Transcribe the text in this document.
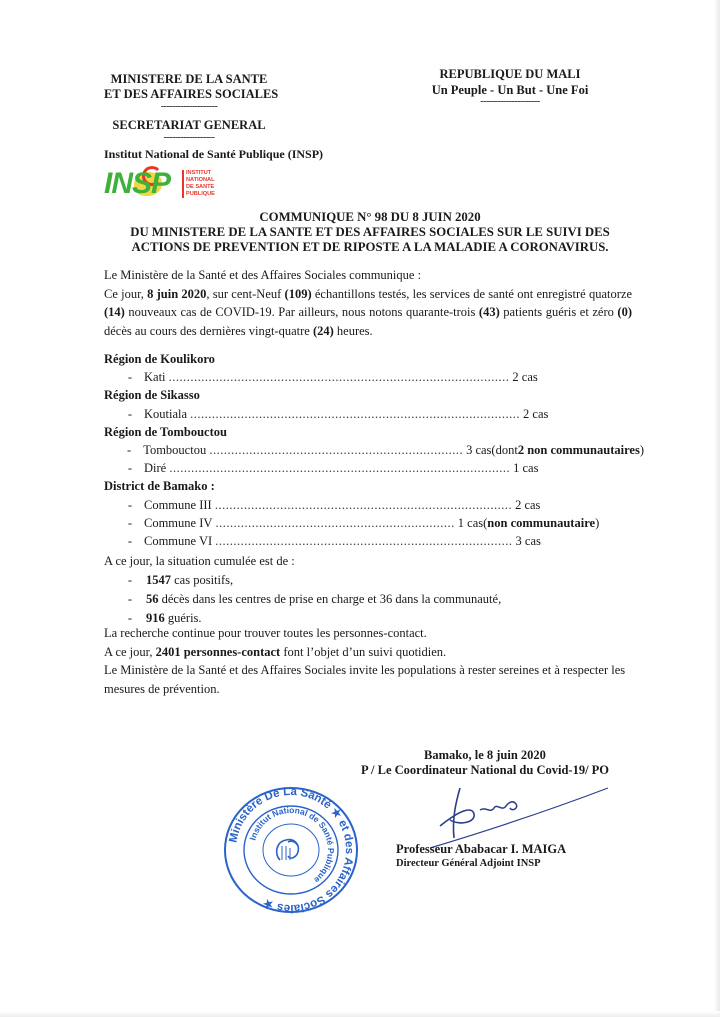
MINISTERE DE LA SANTE
ET DES AFFAIRES SOCIALES
--------------------
SECRETARIAT GENERAL
------------------
Institut National de Santé Publique (INSP)
REPUBLIQUE DU MALI
Un Peuple - Un But - Une Foi
---------------------
INSP	INSTITUT
NATIONAL
DE SANTE
PUBLIQUE
COMMUNIQUE N° 98 DU 8 JUIN 2020
DU MINISTERE DE LA SANTE ET DES AFFAIRES SOCIALES SUR LE SUIVI DES
ACTIONS DE PREVENTION ET DE RIPOSTE A LA MALADIE A CORONAVIRUS.

Le Ministère de la Santé et des Affaires Sociales communique :

Ce jour, 8 juin 2020, sur cent-Neuf (109) échantillons testés, les services de santé ont enregistré quatorze (14) nouveaux cas de COVID-19. Par ailleurs, nous notons quarante-trois (43) patients guéris et zéro (0) décès au cours des dernières vingt-quatre (24) heures.

Région de Koulikoro
- Kati
.............................................................................................. 2 cas
Région de Sikasso
- Koutiala
........................................................................................... 2 cas
Région de Tombouctou
- Tombouctou
...................................................................... 3 cas (dont 2 non communautaires )
- Diré
.............................................................................................. 1 cas
District de Bamako :
- Commune III
.................................................................................. 2 cas
- Commune IV
.................................................................. 1 cas ( non communautaire )
- Commune VI
.................................................................................. 3 cas
A ce jour, la situation cumulée est de :
- 1547 cas positifs,
- 56 décès dans les centres de prise en charge et 36 dans la communauté,
- 916 guéris.

La recherche continue pour trouver toutes les personnes-contact.

A ce jour, 2401 personnes-contact font l’objet d’un suivi quotidien.

Le Ministère de la Santé et des Affaires Sociales invite les populations à rester sereines et à respecter les mesures de prévention.

Bamako, le 8 juin 2020
P / Le Coordinateur National du Covid-19/ PO
Professeur Ababacar I. MAIGA
Directeur Général Adjoint INSP
Ministère De La Santé ★ et des Affaires Sociales ★
Institut National de Santé Publique
